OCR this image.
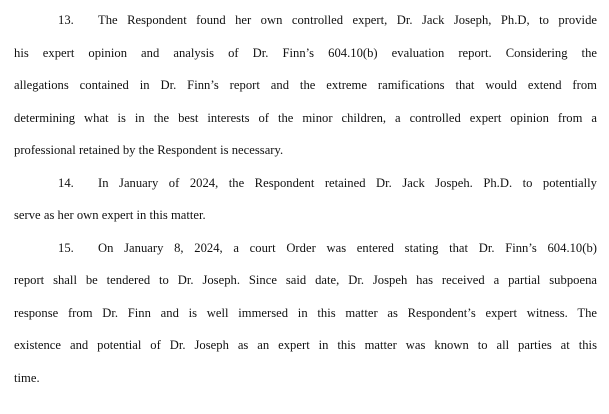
13. The Respondent found her own controlled expert, Dr. Jack Joseph, Ph.D, to provide
his expert opinion and analysis of Dr. Finn’s 604.10(b) evaluation report. Considering the
allegations contained in Dr. Finn’s report and the extreme ramifications that would extend from
determining what is in the best interests of the minor children, a controlled expert opinion from a
professional retained by the Respondent is necessary.
14. In January of 2024, the Respondent retained Dr. Jack Jospeh. Ph.D. to potentially
serve as her own expert in this matter.
15. On January 8, 2024, a court Order was entered stating that Dr. Finn’s 604.10(b)
report shall be tendered to Dr. Joseph. Since said date, Dr. Jospeh has received a partial subpoena
response from Dr. Finn and is well immersed in this matter as Respondent’s expert witness. The
existence and potential of Dr. Joseph as an expert in this matter was known to all parties at this
time.
